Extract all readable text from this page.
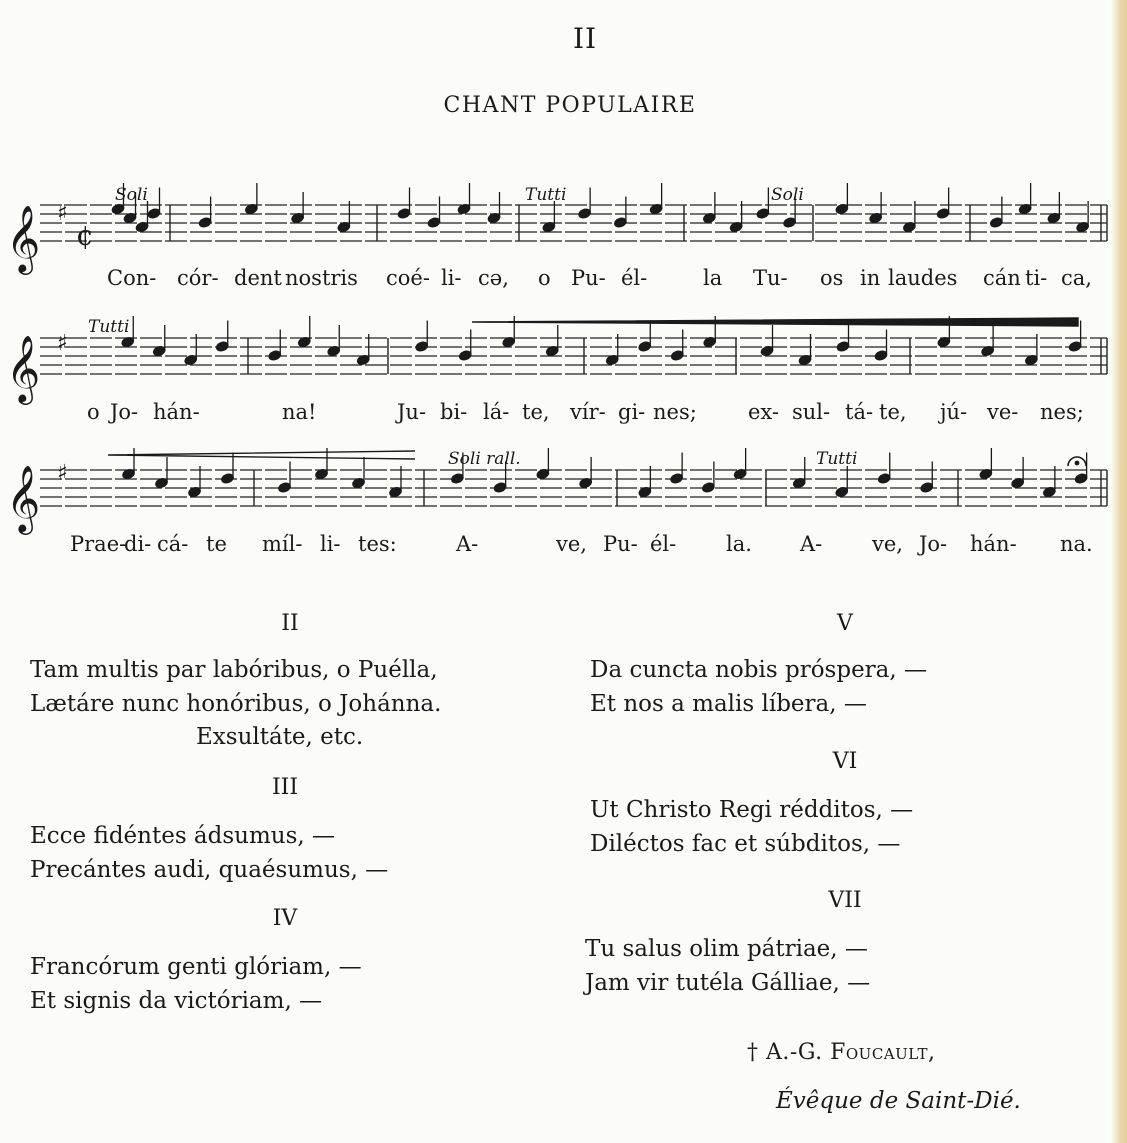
II
CHANT POPULAIRE
𝄞
𝄞
𝄞
♯
♯
♯
¢
Soli	Tutti	Soli
Tutti
Soli rall.	Tutti
Con- cór- dent nostris coé- li- cə, o Pu- él-	la Tu- os in laudes cán ti- ca,
o Jo- hán-	na!	Ju- bi- lá- te, vír- gi- nes; ex- sul- tá- te, jú- ve- nes;
Prae-
di- cá- te míl- li- tes:	A-	ve, Pu- él- la. A- ve, Jo- hán- na.
II
Tam multis par labóribus, o Puélla,
Lætáre nunc honóribus, o Johánna.
Exsultáte, etc.
III
Ecce fidéntes ádsumus, —
Precántes audi, quaésumus, —
IV
Francórum genti glóriam, —
Et signis da victóriam, —
V
Da cuncta nobis próspera, —
Et nos a malis líbera, —
VI
Ut Christo Regi rédditos, —
Diléctos fac et súbditos, —
VII
Tu salus olim pátriae, —
Jam vir tutéla Gálliae, —
† A.-G. Foucault,
Évêque de Saint-Dié.
